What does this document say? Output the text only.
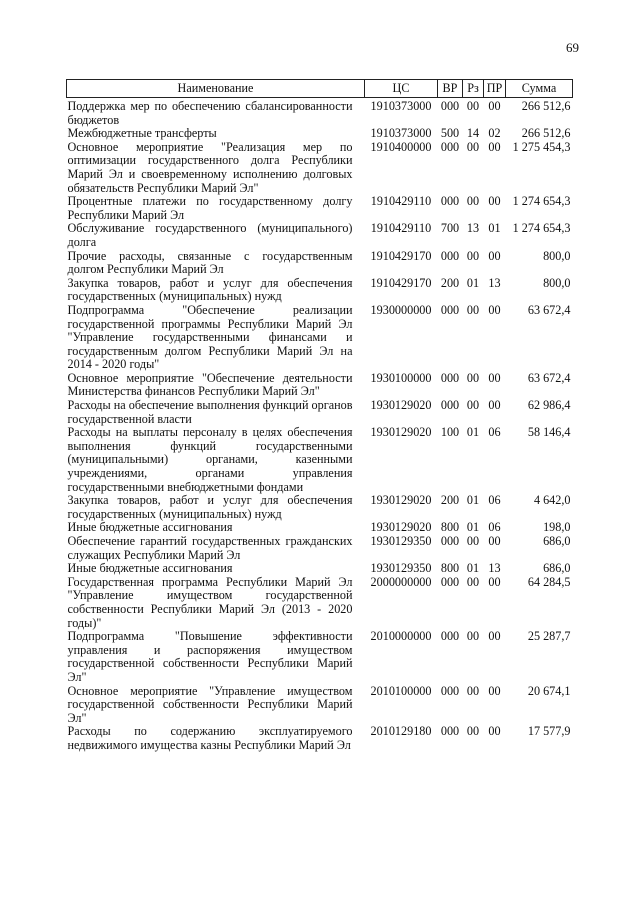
69
Наименование	ЦС	ВР	Рз	ПР	Сумма
Поддержка мер по обеспечению сбалансированности бюджетов	1910373000	000	00	00	266 512,6
Межбюджетные трансферты	1910373000	500	14	02	266 512,6
Основное мероприятие "Реализация мер по оптимизации государственного долга Республики Марий Эл и своевременному исполнению долговых обязательств Республики Марий Эл"	1910400000	000	00	00	1 275 454,3
Процентные платежи по государственному долгу Республики Марий Эл	1910429110	000	00	00	1 274 654,3
Обслуживание государственного (муниципального) долга	1910429110	700	13	01	1 274 654,3
Прочие расходы, связанные с государственным долгом Республики Марий Эл	1910429170	000	00	00	800,0
Закупка товаров, работ и услуг для обеспечения государственных (муниципальных) нужд	1910429170	200	01	13	800,0
Подпрограмма "Обеспечение реализации государственной программы Республики Марий Эл "Управление государственными финансами и государственным долгом Республики Марий Эл на 2014 - 2020 годы"	1930000000	000	00	00	63 672,4
Основное мероприятие "Обеспечение деятельности Министерства финансов Республики Марий Эл"	1930100000	000	00	00	63 672,4
Расходы на обеспечение выполнения функций органов государственной власти	1930129020	000	00	00	62 986,4
Расходы на выплаты персоналу в целях обеспечения выполнения функций государственными (муниципальными) органами, казенными учреждениями, органами управления государственными внебюджетными фондами	1930129020	100	01	06	58 146,4
Закупка товаров, работ и услуг для обеспечения государственных (муниципальных) нужд	1930129020	200	01	06	4 642,0
Иные бюджетные ассигнования	1930129020	800	01	06	198,0
Обеспечение гарантий государственных гражданских служащих Республики Марий Эл	1930129350	000	00	00	686,0
Иные бюджетные ассигнования	1930129350	800	01	13	686,0
Государственная программа Республики Марий Эл "Управление имуществом государственной собственности Республики Марий Эл (2013 - 2020 годы)"	2000000000	000	00	00	64 284,5
Подпрограмма "Повышение эффективности управления и распоряжения имуществом государственной собственности Республики Марий Эл"	2010000000	000	00	00	25 287,7
Основное мероприятие "Управление имуществом государственной собственности Республики Марий Эл"	2010100000	000	00	00	20 674,1
Расходы по содержанию эксплуатируемого недвижимого имущества казны Республики Марий Эл	2010129180	000	00	00	17 577,9
